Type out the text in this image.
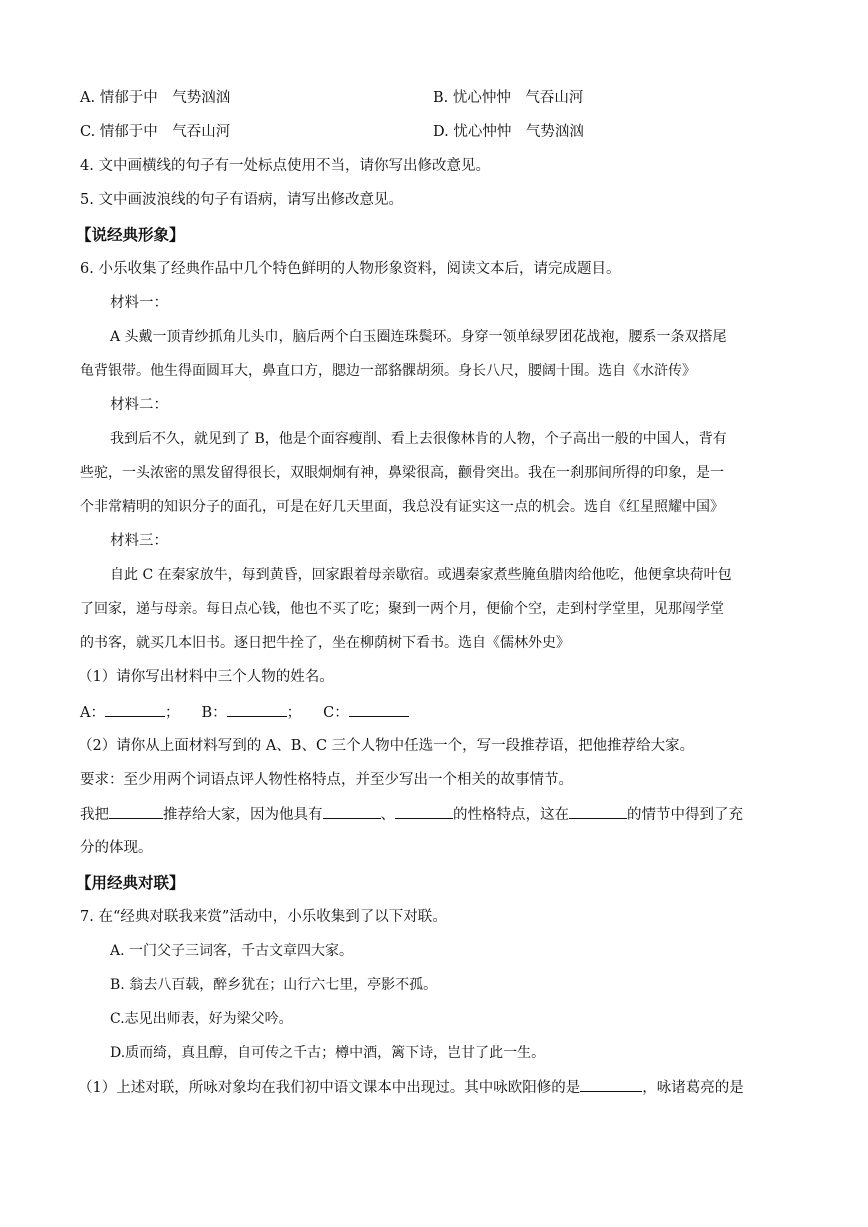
A. 情郁于中　气势汹汹	B. 忧心忡忡　气吞山河
C. 情郁于中　气吞山河	D. 忧心忡忡　气势汹汹
4. 文中画横线的句子有一处标点使用不当，请你写出修改意见。
5. 文中画波浪线的句子有语病，请写出修改意见。
【说经典形象】
6. 小乐收集了经典作品中几个特色鲜明的人物形象资料，阅读文本后，请完成题目。
材料一：
A 头戴一顶青纱抓角儿头巾，脑后两个白玉圈连珠鬓环。身穿一领单绿罗团花战袍，腰系一条双搭尾
龟背银带。他生得面圆耳大，鼻直口方，腮边一部貉髁胡须。身长八尺，腰阔十围。选自《水浒传》
材料二：
我到后不久，就见到了 B，他是个面容瘦削、看上去很像林肯的人物，个子高出一般的中国人，背有
些驼，一头浓密的黑发留得很长，双眼炯炯有神，鼻梁很高，颧骨突出。我在一刹那间所得的印象，是一
个非常精明的知识分子的面孔，可是在好几天里面，我总没有证实这一点的机会。选自《红星照耀中国》
材料三：
自此 C 在秦家放牛，每到黄昏，回家跟着母亲歇宿。或遇秦家煮些腌鱼腊肉给他吃，他便拿块荷叶包
了回家，递与母亲。每日点心钱，他也不买了吃；聚到一两个月，便偷个空，走到村学堂里，见那闯学堂
的书客，就买几本旧书。逐日把牛拴了，坐在柳荫树下看书。选自《儒林外史》
（1）请你写出材料中三个人物的姓名。
A：	； B：	； C：
（2）请你从上面材料写到的 A、B、C 三个人物中任选一个，写一段推荐语，把他推荐给大家。
要求：至少用两个词语点评人物性格特点，并至少写出一个相关的故事情节。
我把	推荐给大家，因为他具有	、	的性格特点，这在	的情节中得到了充
分的体现。
【用经典对联】
7. 在“经典对联我来赏”活动中，小乐收集到了以下对联。
A. 一门父子三词客，千古文章四大家。
B. 翁去八百载，醉乡犹在；山行六七里，亭影不孤。
C.志见出师表，好为梁父吟。
D.质而绮，真且醇，自可传之千古；樽中酒，篱下诗，岂甘了此一生。
（1）上述对联，所咏对象均在我们初中语文课本中出现过。其中咏欧阳修的是	，咏诸葛亮的是
